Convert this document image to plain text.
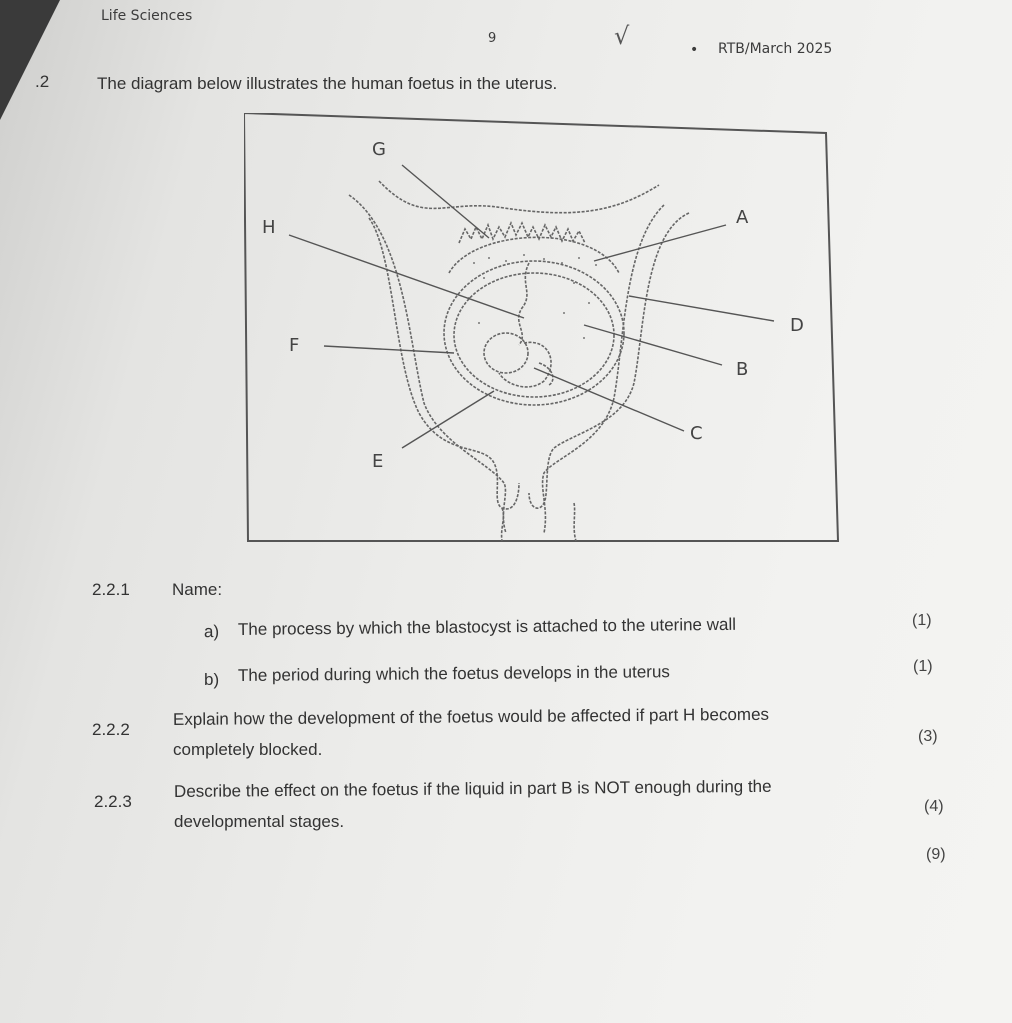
Life Sciences
9	√	• RTB/March 2025
.2	The diagram below illustrates the human foetus in the uterus.
G
H	A
D
F
B
C
E
2.2.1 Name:
a) The process by which the blastocyst is attached to the uterine wall	(1)
b) The period during which the foetus develops in the uterus	(1)
2.2.2
Explain how the development of the foetus would be affected if part H becomes
completely blocked.
(3)
2.2.3
Describe the effect on the foetus if the liquid in part B is NOT enough during the
developmental stages.
(4)
(9)
